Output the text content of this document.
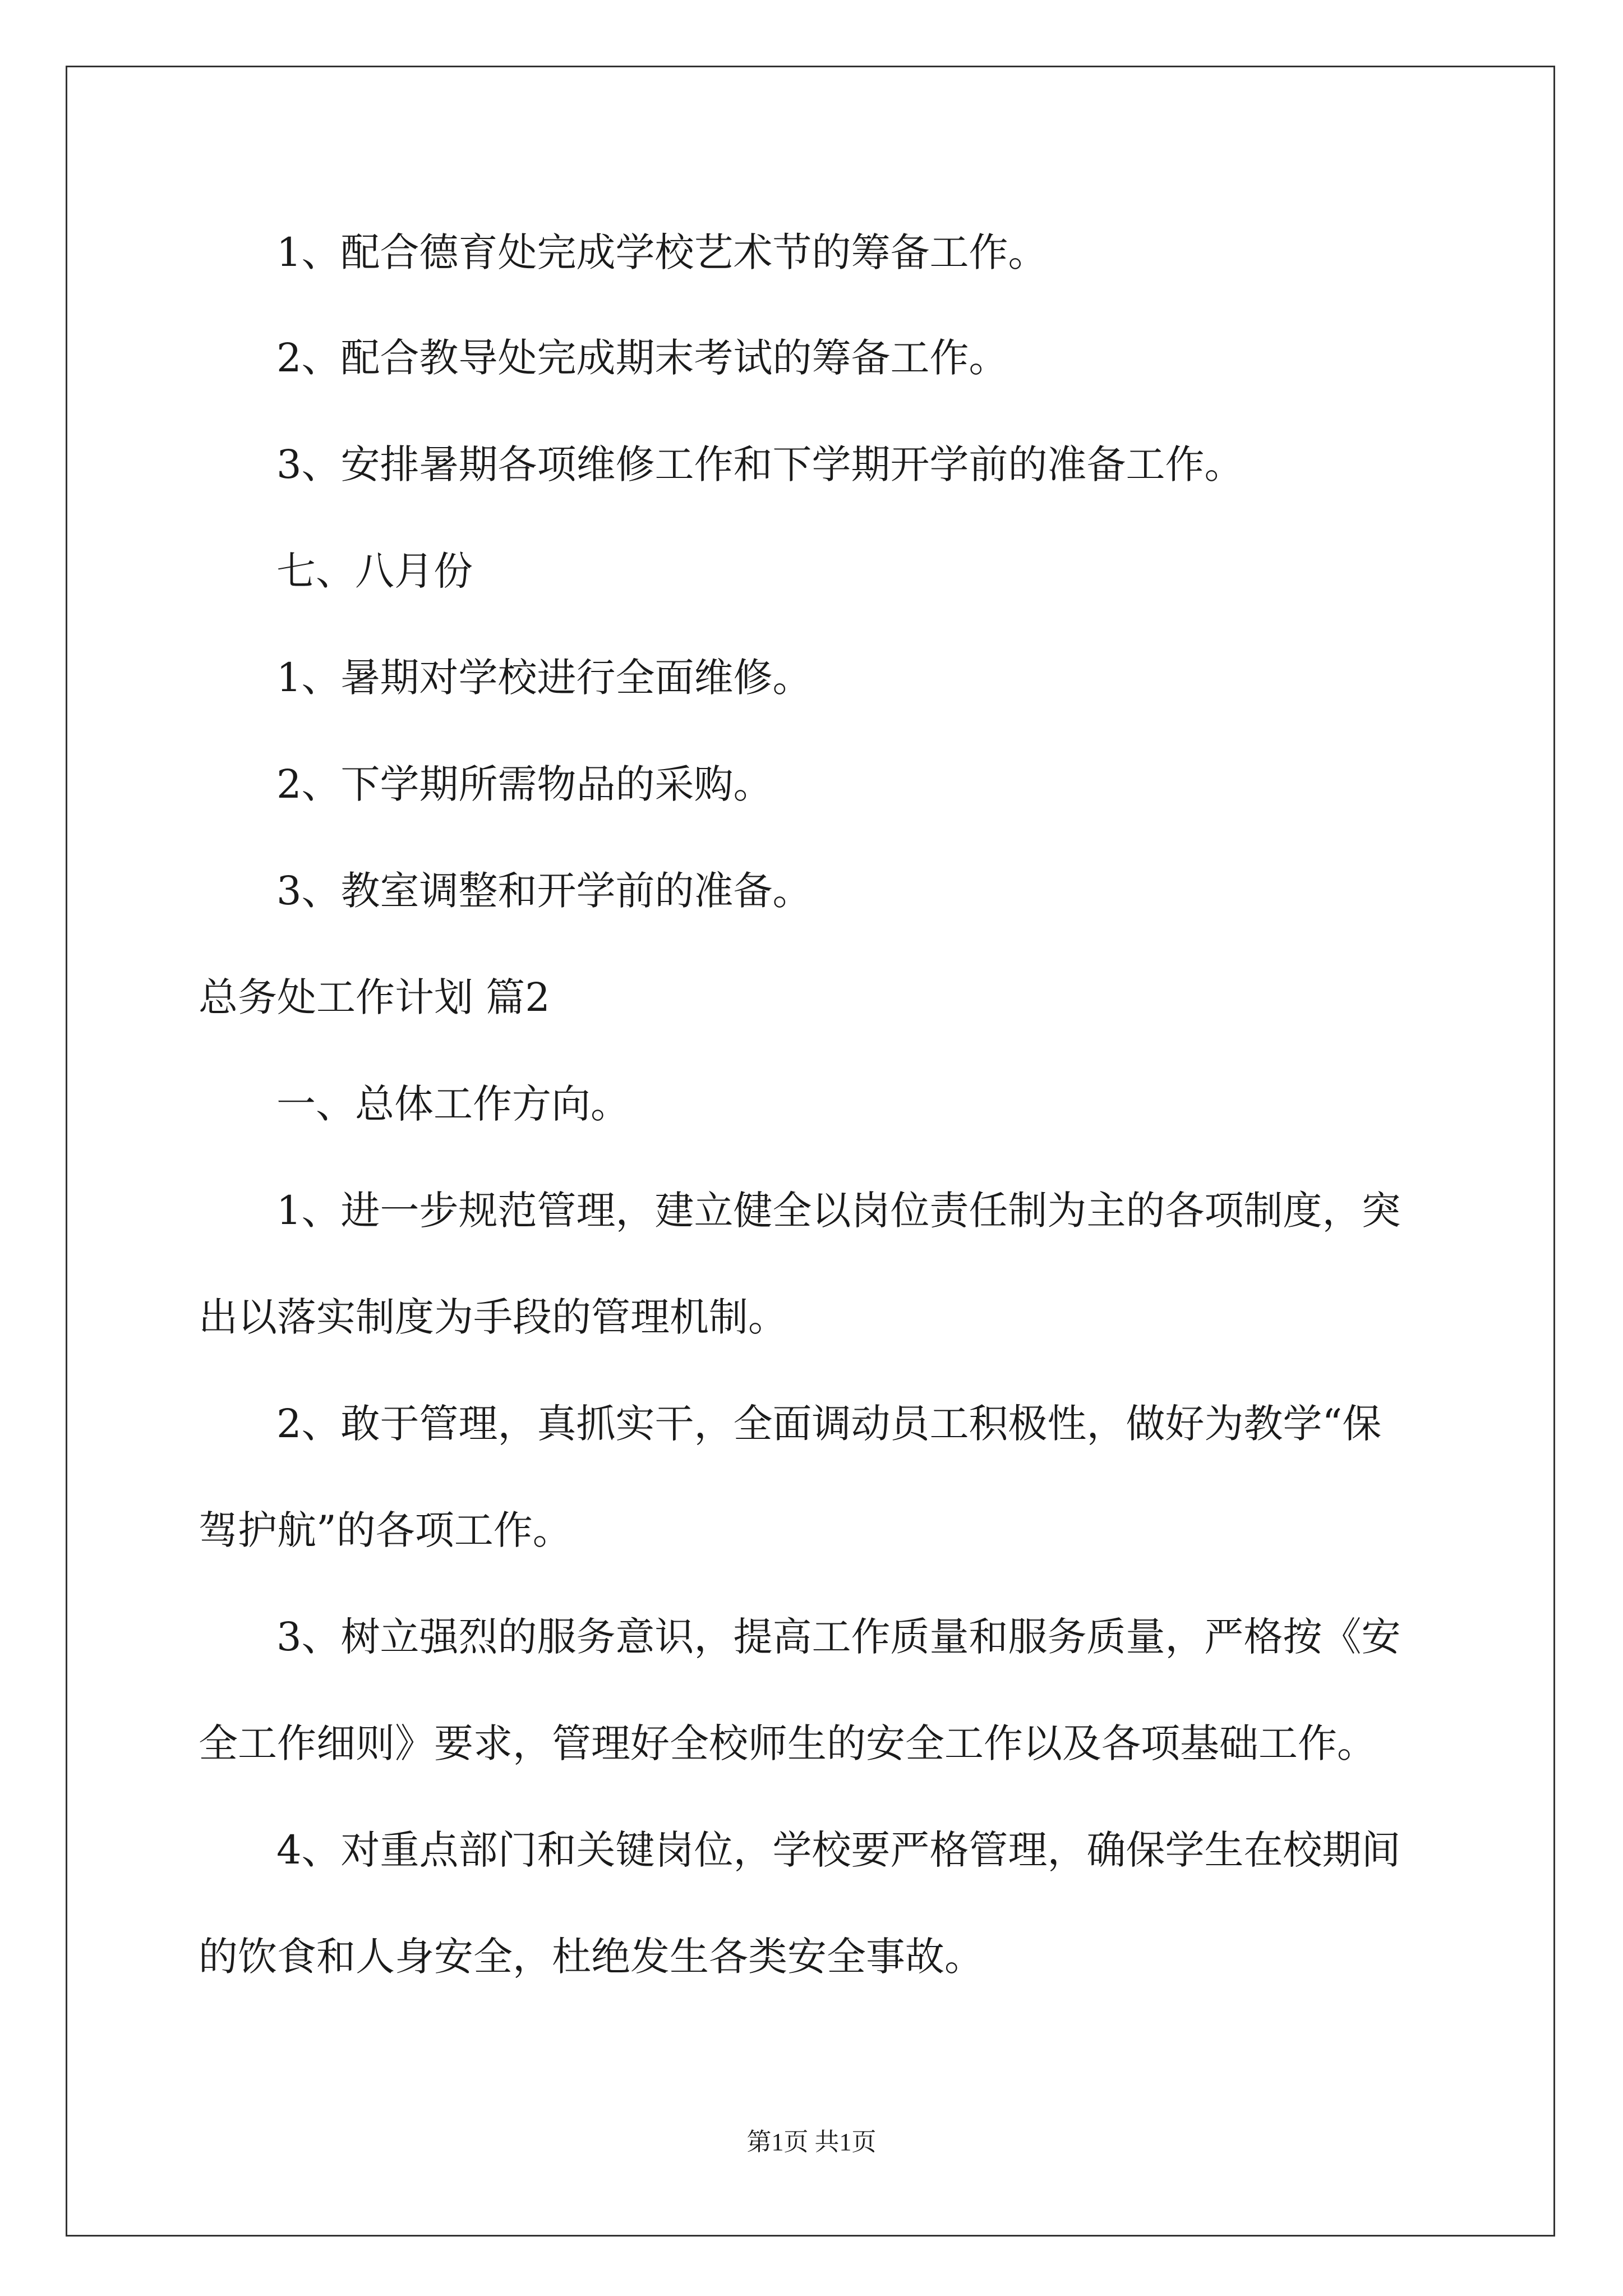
1、配合德育处完成学校艺术节的筹备工作。
2、配合教导处完成期末考试的筹备工作。
3、安排暑期各项维修工作和下学期开学前的准备工作。
七、八月份
1、暑期对学校进行全面维修。
2、下学期所需物品的采购。
3、教室调整和开学前的准备。
总务处工作计划 篇2
一、总体工作方向。
1、进一步规范管理，建立健全以岗位责任制为主的各项制度，突
出以落实制度为手段的管理机制。
2、敢于管理，真抓实干，全面调动员工积极性，做好为教学“保
驾护航”的各项工作。
3、树立强烈的服务意识，提高工作质量和服务质量，严格按《安
全工作细则》要求，管理好全校师生的安全工作以及各项基础工作。
4、对重点部门和关键岗位，学校要严格管理，确保学生在校期间
的饮食和人身安全，杜绝发生各类安全事故。
第1页 共1页
